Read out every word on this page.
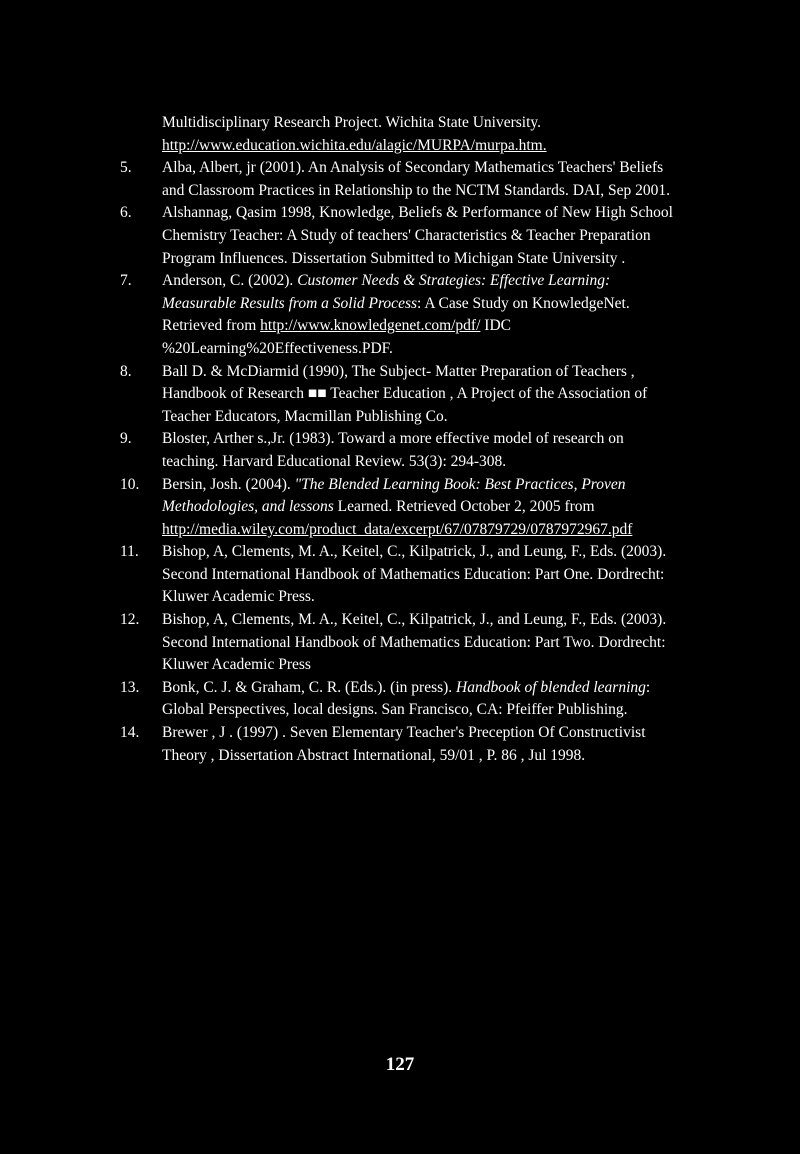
Multidisciplinary Research Project. Wichita State University.
http://www.education.wichita.edu/alagic/MURPA/murpa.htm.
5.	Alba, Albert, jr (2001). An Analysis of Secondary Mathematics Teachers' Beliefs and Classroom Practices in Relationship to the NCTM Standards. DAI, Sep 2001.
6.	Alshannag, Qasim 1998, Knowledge, Beliefs & Performance of New High School Chemistry Teacher: A Study of teachers' Characteristics & Teacher Preparation Program Influences. Dissertation Submitted to Michigan State University .
7.	Anderson, C. (2002). Customer Needs & Strategies: Effective Learning: Measurable Results from a Solid Process: A Case Study on KnowledgeNet. Retrieved from http://www.knowledgenet.com/pdf/ IDC %20Learning%20Effectiveness.PDF.
8.	Ball D. & McDiarmid (1990), The Subject- Matter Preparation of Teachers , Handbook of Research ■■ Teacher Education , A Project of the Association of Teacher Educators, Macmillan Publishing Co.
9.	Bloster, Arther s.,Jr. (1983). Toward a more effective model of research on teaching. Harvard Educational Review. 53(3): 294-308.
10.	Bersin, Josh. (2004). "The Blended Learning Book: Best Practices, Proven Methodologies, and lessons Learned. Retrieved October 2, 2005 from
http://media.wiley.com/product_data/excerpt/67/07879729/0787972967.pdf
11.	Bishop, A, Clements, M. A., Keitel, C., Kilpatrick, J., and Leung, F., Eds. (2003). Second International Handbook of Mathematics Education: Part One. Dordrecht: Kluwer Academic Press.
12.	Bishop, A, Clements, M. A., Keitel, C., Kilpatrick, J., and Leung, F., Eds. (2003). Second International Handbook of Mathematics Education: Part Two. Dordrecht: Kluwer Academic Press
13.	Bonk, C. J. & Graham, C. R. (Eds.). (in press). Handbook of blended learning: Global Perspectives, local designs. San Francisco, CA: Pfeiffer Publishing.
14.	Brewer , J . (1997) . Seven Elementary Teacher's Preception Of Constructivist Theory , Dissertation Abstract International, 59/01 , P. 86 , Jul 1998.
127
